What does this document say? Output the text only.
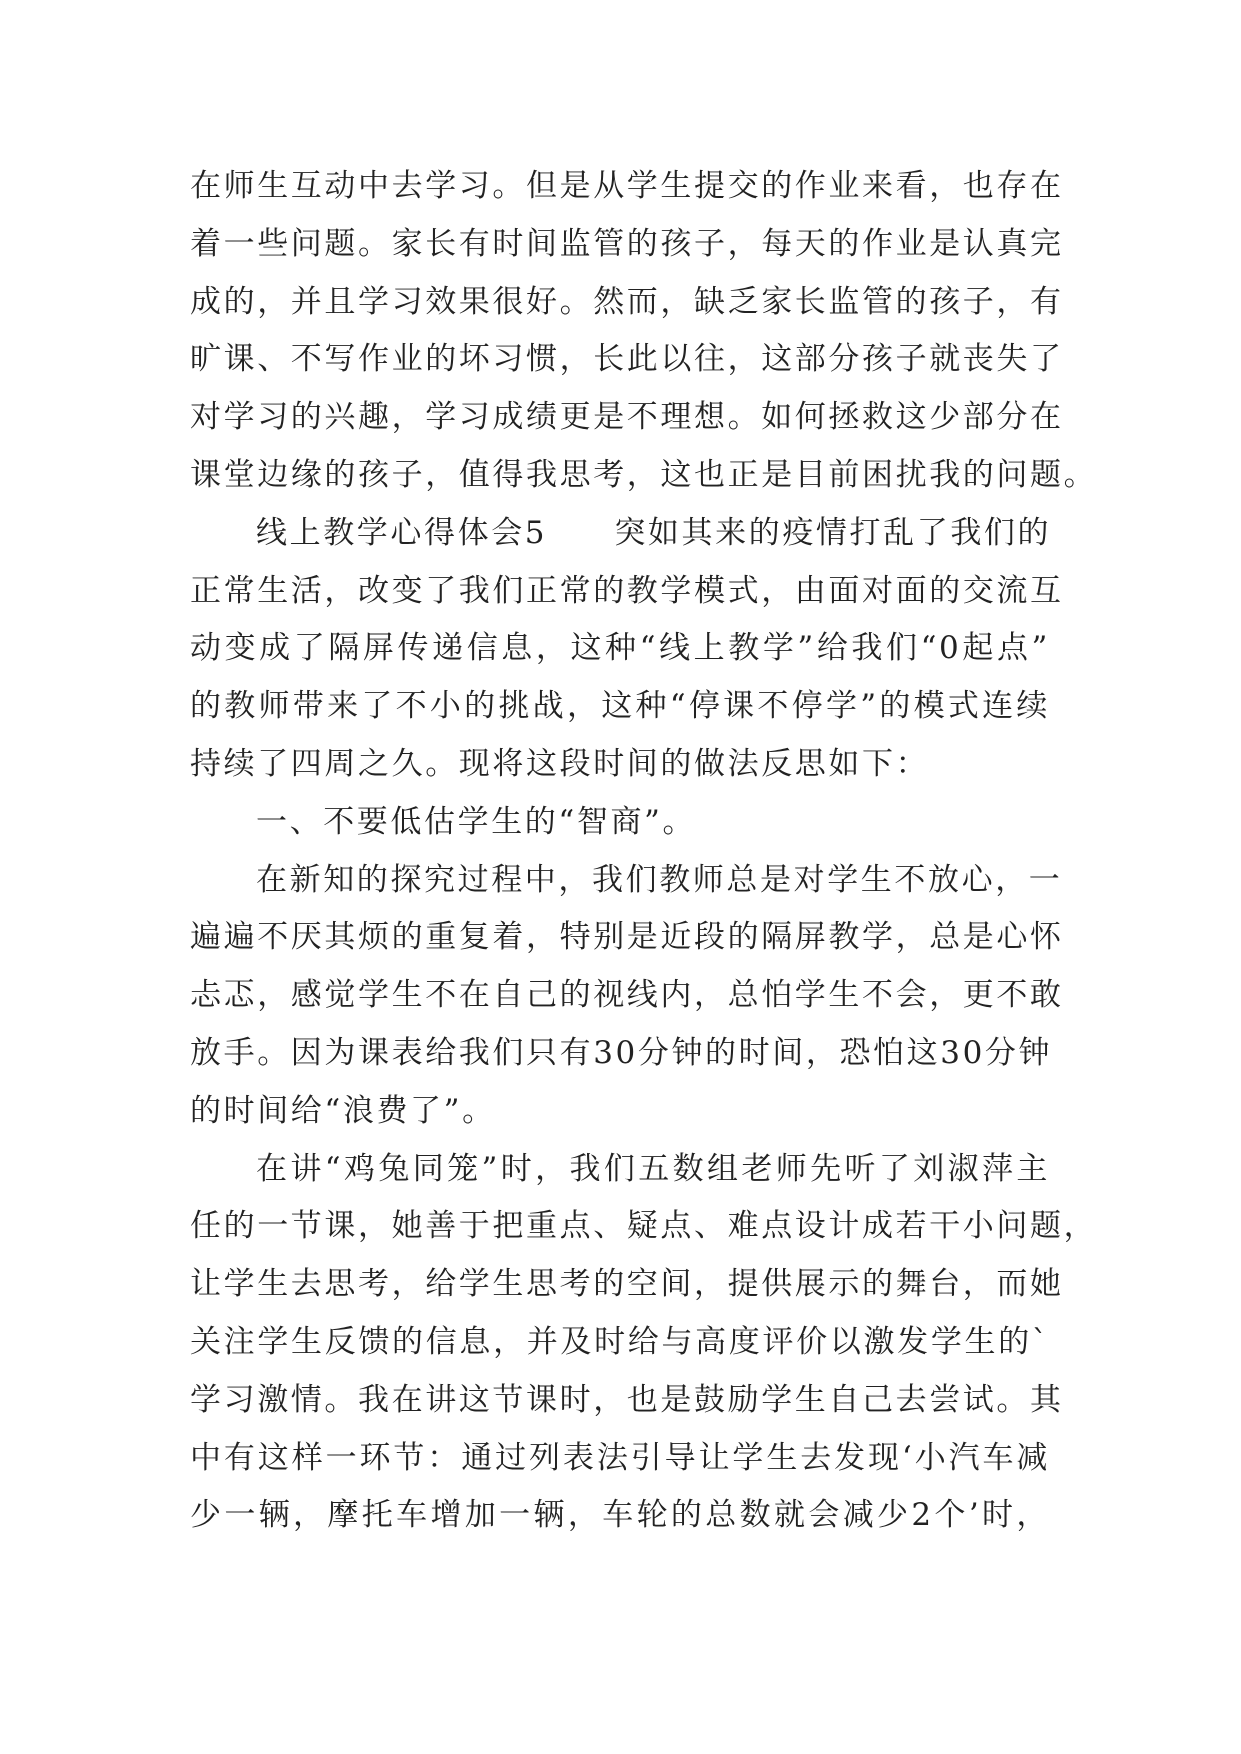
在师生互动中去学习。但是从学生提交的作业来看，也存在
着一些问题。家长有时间监管的孩子，每天的作业是认真完
成的，并且学习效果很好。然而，缺乏家长监管的孩子，有
旷课、不写作业的坏习惯，长此以往，这部分孩子就丧失了
对学习的兴趣，学习成绩更是不理想。如何拯救这少部分在
课堂边缘的孩子，值得我思考，这也正是目前困扰我的问题。
线上教学心得体会5　　突如其来的疫情打乱了我们的
正常生活，改变了我们正常的教学模式，由面对面的交流互
动变成了隔屏传递信息，这种“线上教学”给我们“0起点”
的教师带来了不小的挑战，这种“停课不停学”的模式连续
持续了四周之久。现将这段时间的做法反思如下：
一、不要低估学生的“智商”。
在新知的探究过程中，我们教师总是对学生不放心，一
遍遍不厌其烦的重复着，特别是近段的隔屏教学，总是心怀
忐忑，感觉学生不在自己的视线内，总怕学生不会，更不敢
放手。因为课表给我们只有30分钟的时间，恐怕这30分钟
的时间给“浪费了”。
在讲“鸡兔同笼”时，我们五数组老师先听了刘淑萍主
任的一节课，她善于把重点、疑点、难点设计成若干小问题，
让学生去思考，给学生思考的空间，提供展示的舞台，而她
关注学生反馈的信息，并及时给与高度评价以激发学生的`
学习激情。我在讲这节课时，也是鼓励学生自己去尝试。其
中有这样一环节：通过列表法引导让学生去发现‘小汽车减
少一辆，摩托车增加一辆，车轮的总数就会减少2个’时，
